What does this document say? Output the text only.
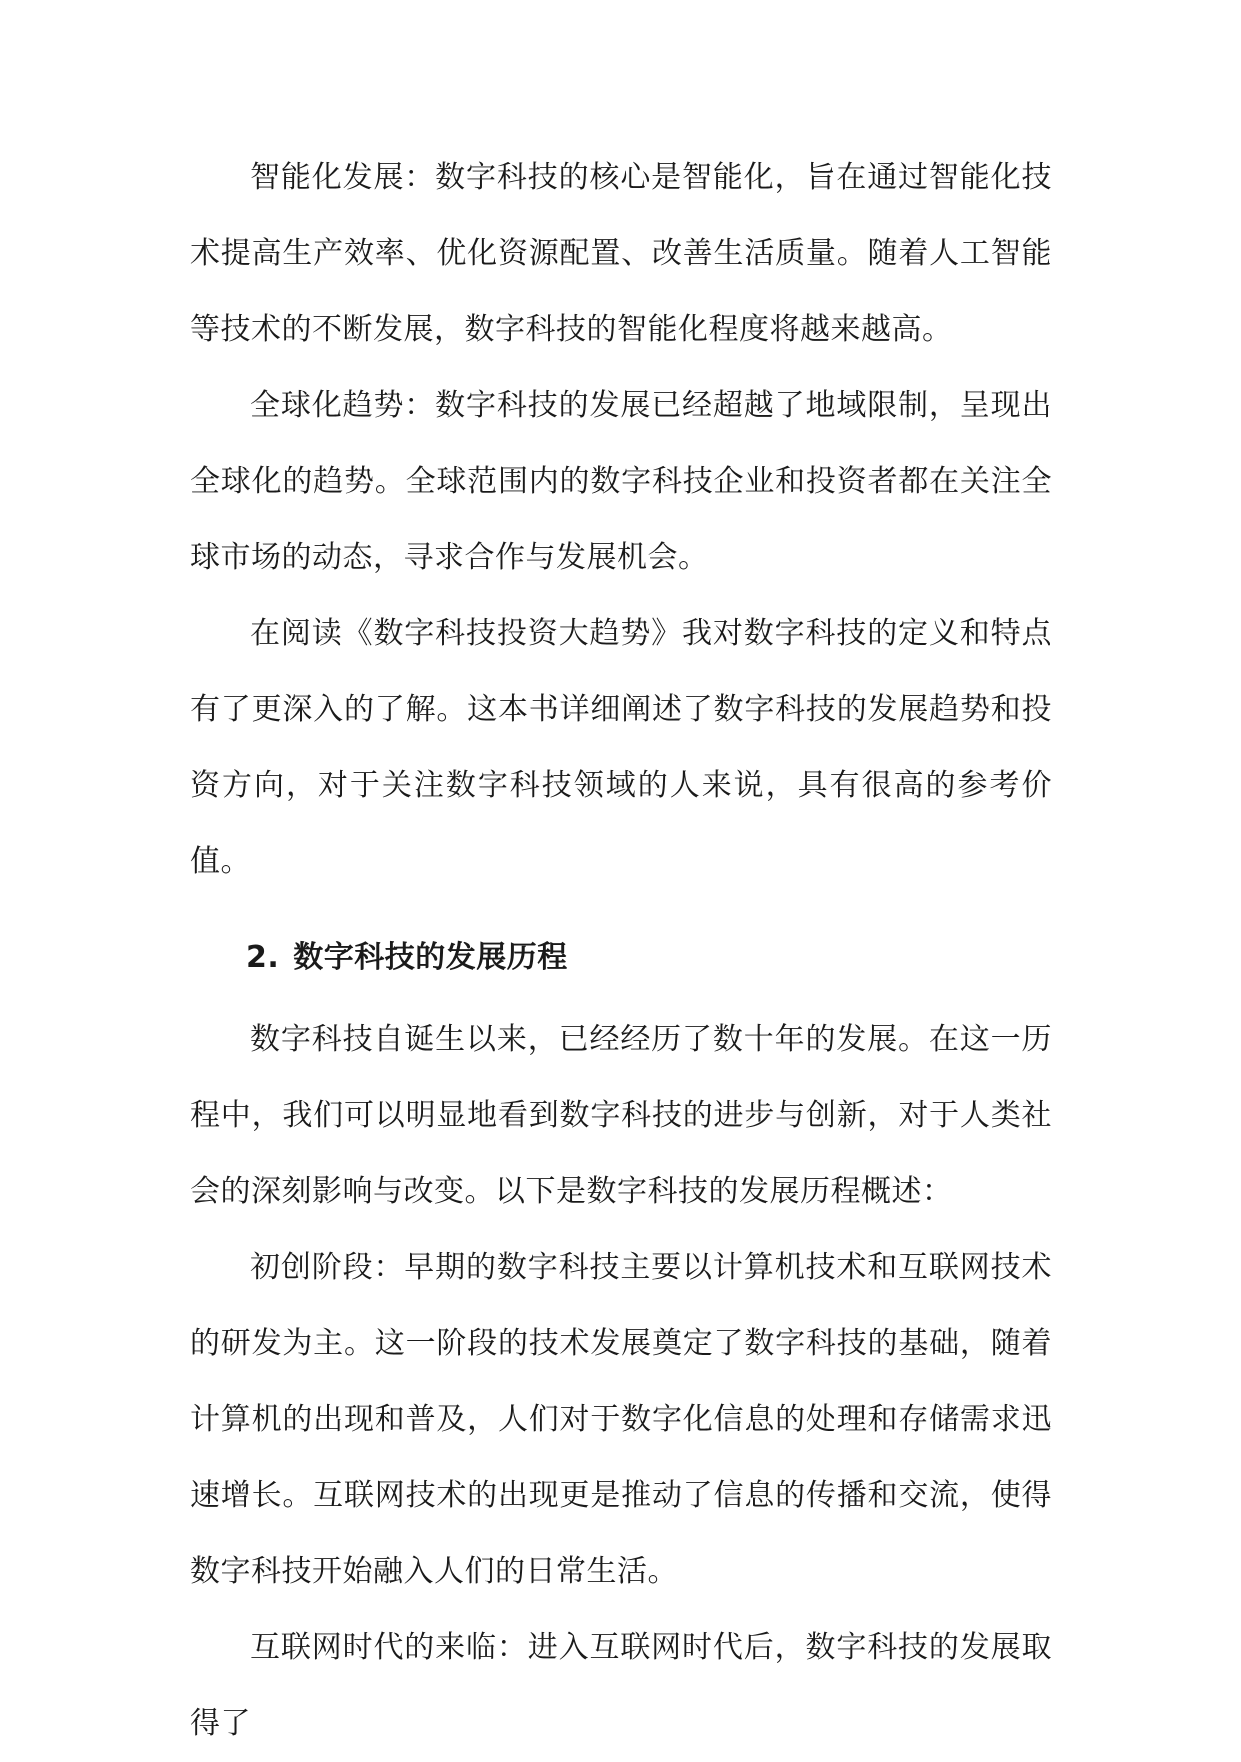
智能化发展：数字科技的核心是智能化，旨在通过智能化技术提高生产效率、优化资源配置、改善生活质量。随着人工智能等技术的不断发展，数字科技的智能化程度将越来越高。

全球化趋势：数字科技的发展已经超越了地域限制，呈现出全球化的趋势。全球范围内的数字科技企业和投资者都在关注全球市场的动态，寻求合作与发展机会。

在阅读《数字科技投资大趋势》我对数字科技的定义和特点有了更深入的了解。这本书详细阐述了数字科技的发展趋势和投资方向，对于关注数字科技领域的人来说，具有很高的参考价值。

2. 数字科技的发展历程

数字科技自诞生以来，已经经历了数十年的发展。在这一历程中，我们可以明显地看到数字科技的进步与创新，对于人类社会的深刻影响与改变。以下是数字科技的发展历程概述：

初创阶段：早期的数字科技主要以计算机技术和互联网技术的研发为主。这一阶段的技术发展奠定了数字科技的基础，随着计算机的出现和普及，人们对于数字化信息的处理和存储需求迅速增长。互联网技术的出现更是推动了信息的传播和交流，使得数字科技开始融入人们的日常生活。

互联网时代的来临：进入互联网时代后，数字科技的发展取得了
